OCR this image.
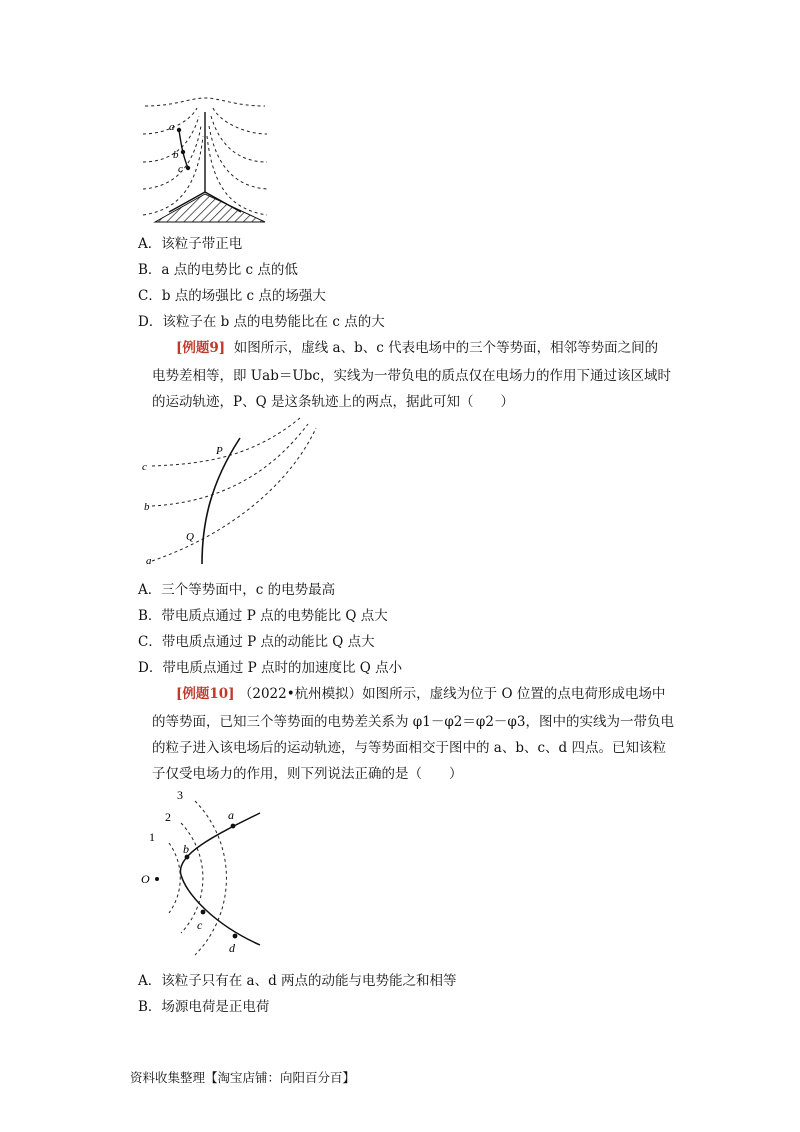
a
b
c
A．该粒子带正电
B．a 点的电势比 c 点的低
C．b 点的场强比 c 点的场强大
D．该粒子在 b 点的电势能比在 c 点的大
[例题9] 如图所示，虚线 a、b、c 代表电场中的三个等势面，相邻等势面之间的
电势差相等，即 Uab＝Ubc，实线为一带负电的质点仅在电场力的作用下通过该区域时
的运动轨迹，P、Q 是这条轨迹上的两点，据此可知（　　）
c
b
a
P
Q
A．三个等势面中，c 的电势最高
B．带电质点通过 P 点的电势能比 Q 点大
C．带电质点通过 P 点的动能比 Q 点大
D．带电质点通过 P 点时的加速度比 Q 点小
[例题10] （2022•杭州模拟）如图所示，虚线为位于 O 位置的点电荷形成电场中
的等势面，已知三个等势面的电势差关系为 φ1－φ2＝φ2－φ3，图中的实线为一带负电
的粒子进入该电场后的运动轨迹，与等势面相交于图中的 a、b、c、d 四点。已知该粒
子仅受电场力的作用，则下列说法正确的是（　　）
1
2
3
O
a
b
c
d
A．该粒子只有在 a、d 两点的动能与电势能之和相等
B．场源电荷是正电荷
资料收集整理【淘宝店铺：向阳百分百】
